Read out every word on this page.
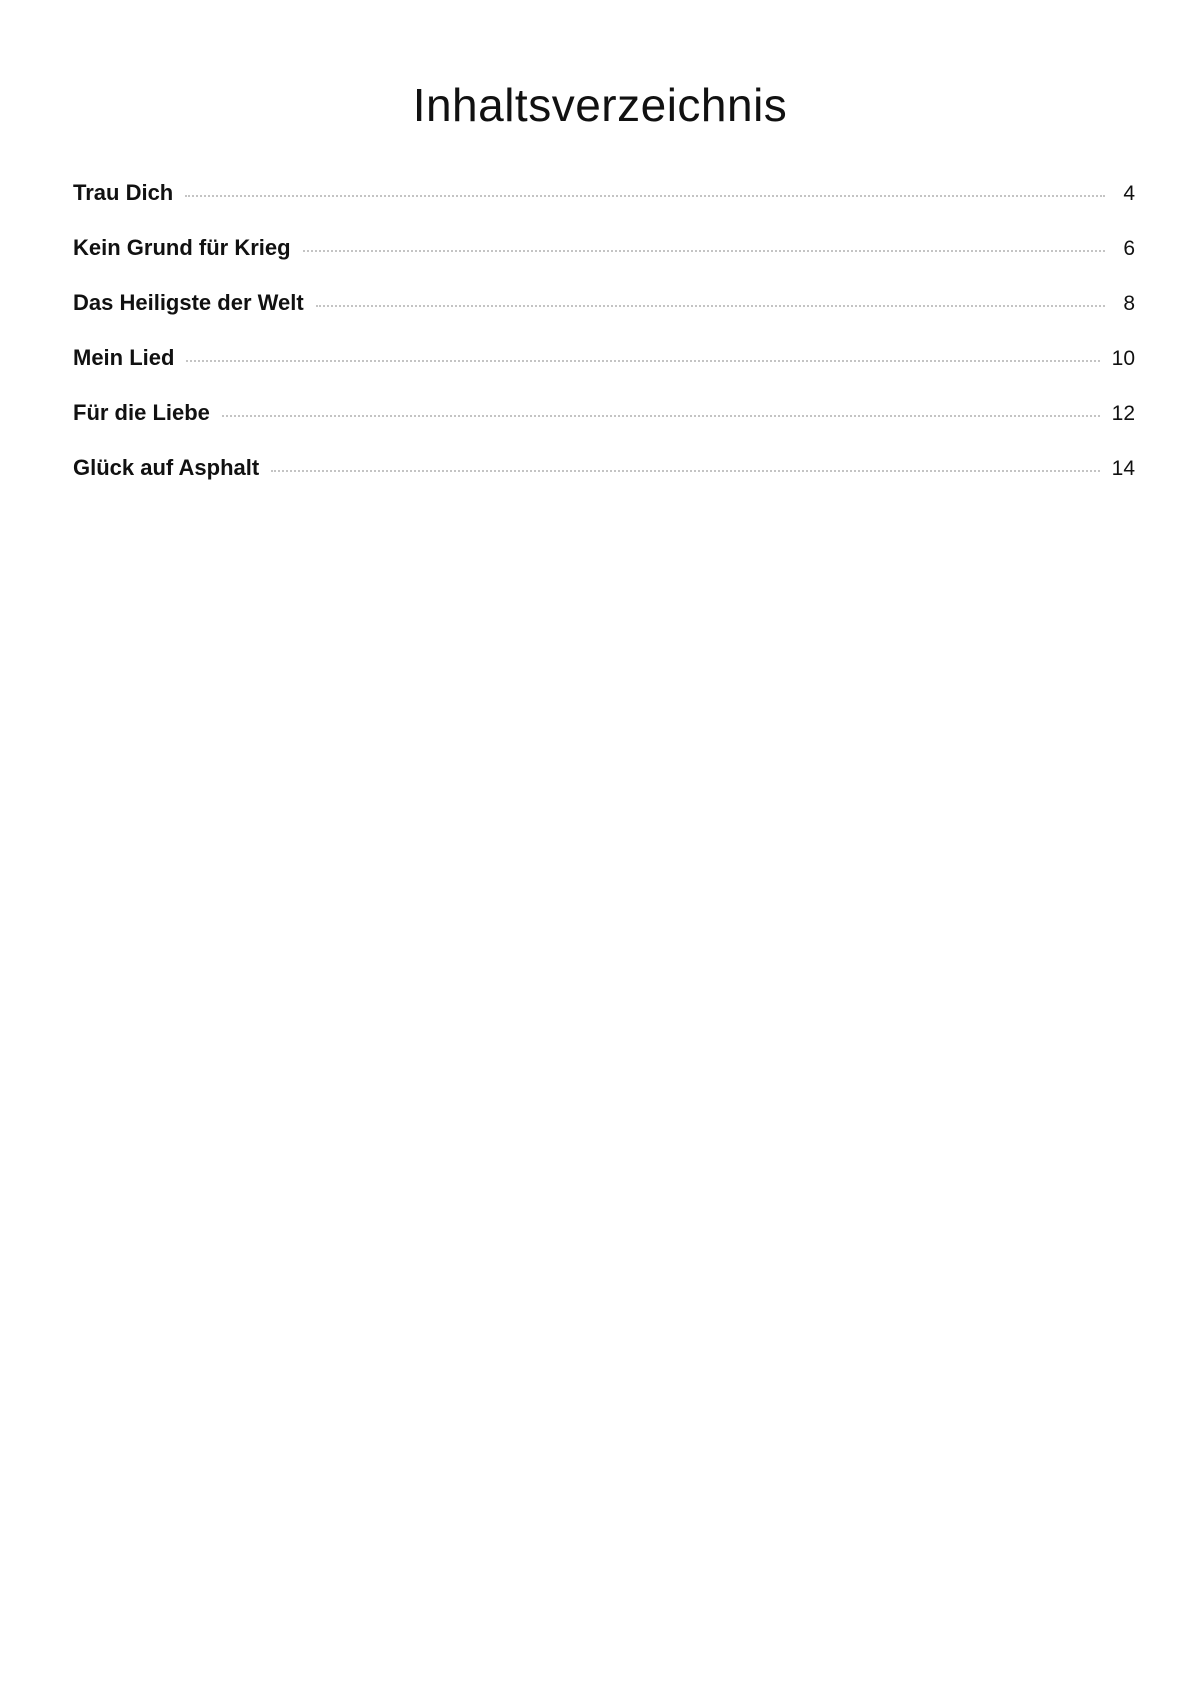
Inhaltsverzeichnis
Trau Dich	4
Kein Grund für Krieg	6
Das Heiligste der Welt	8
Mein Lied	10
Für die Liebe	12
Glück auf Asphalt	14
